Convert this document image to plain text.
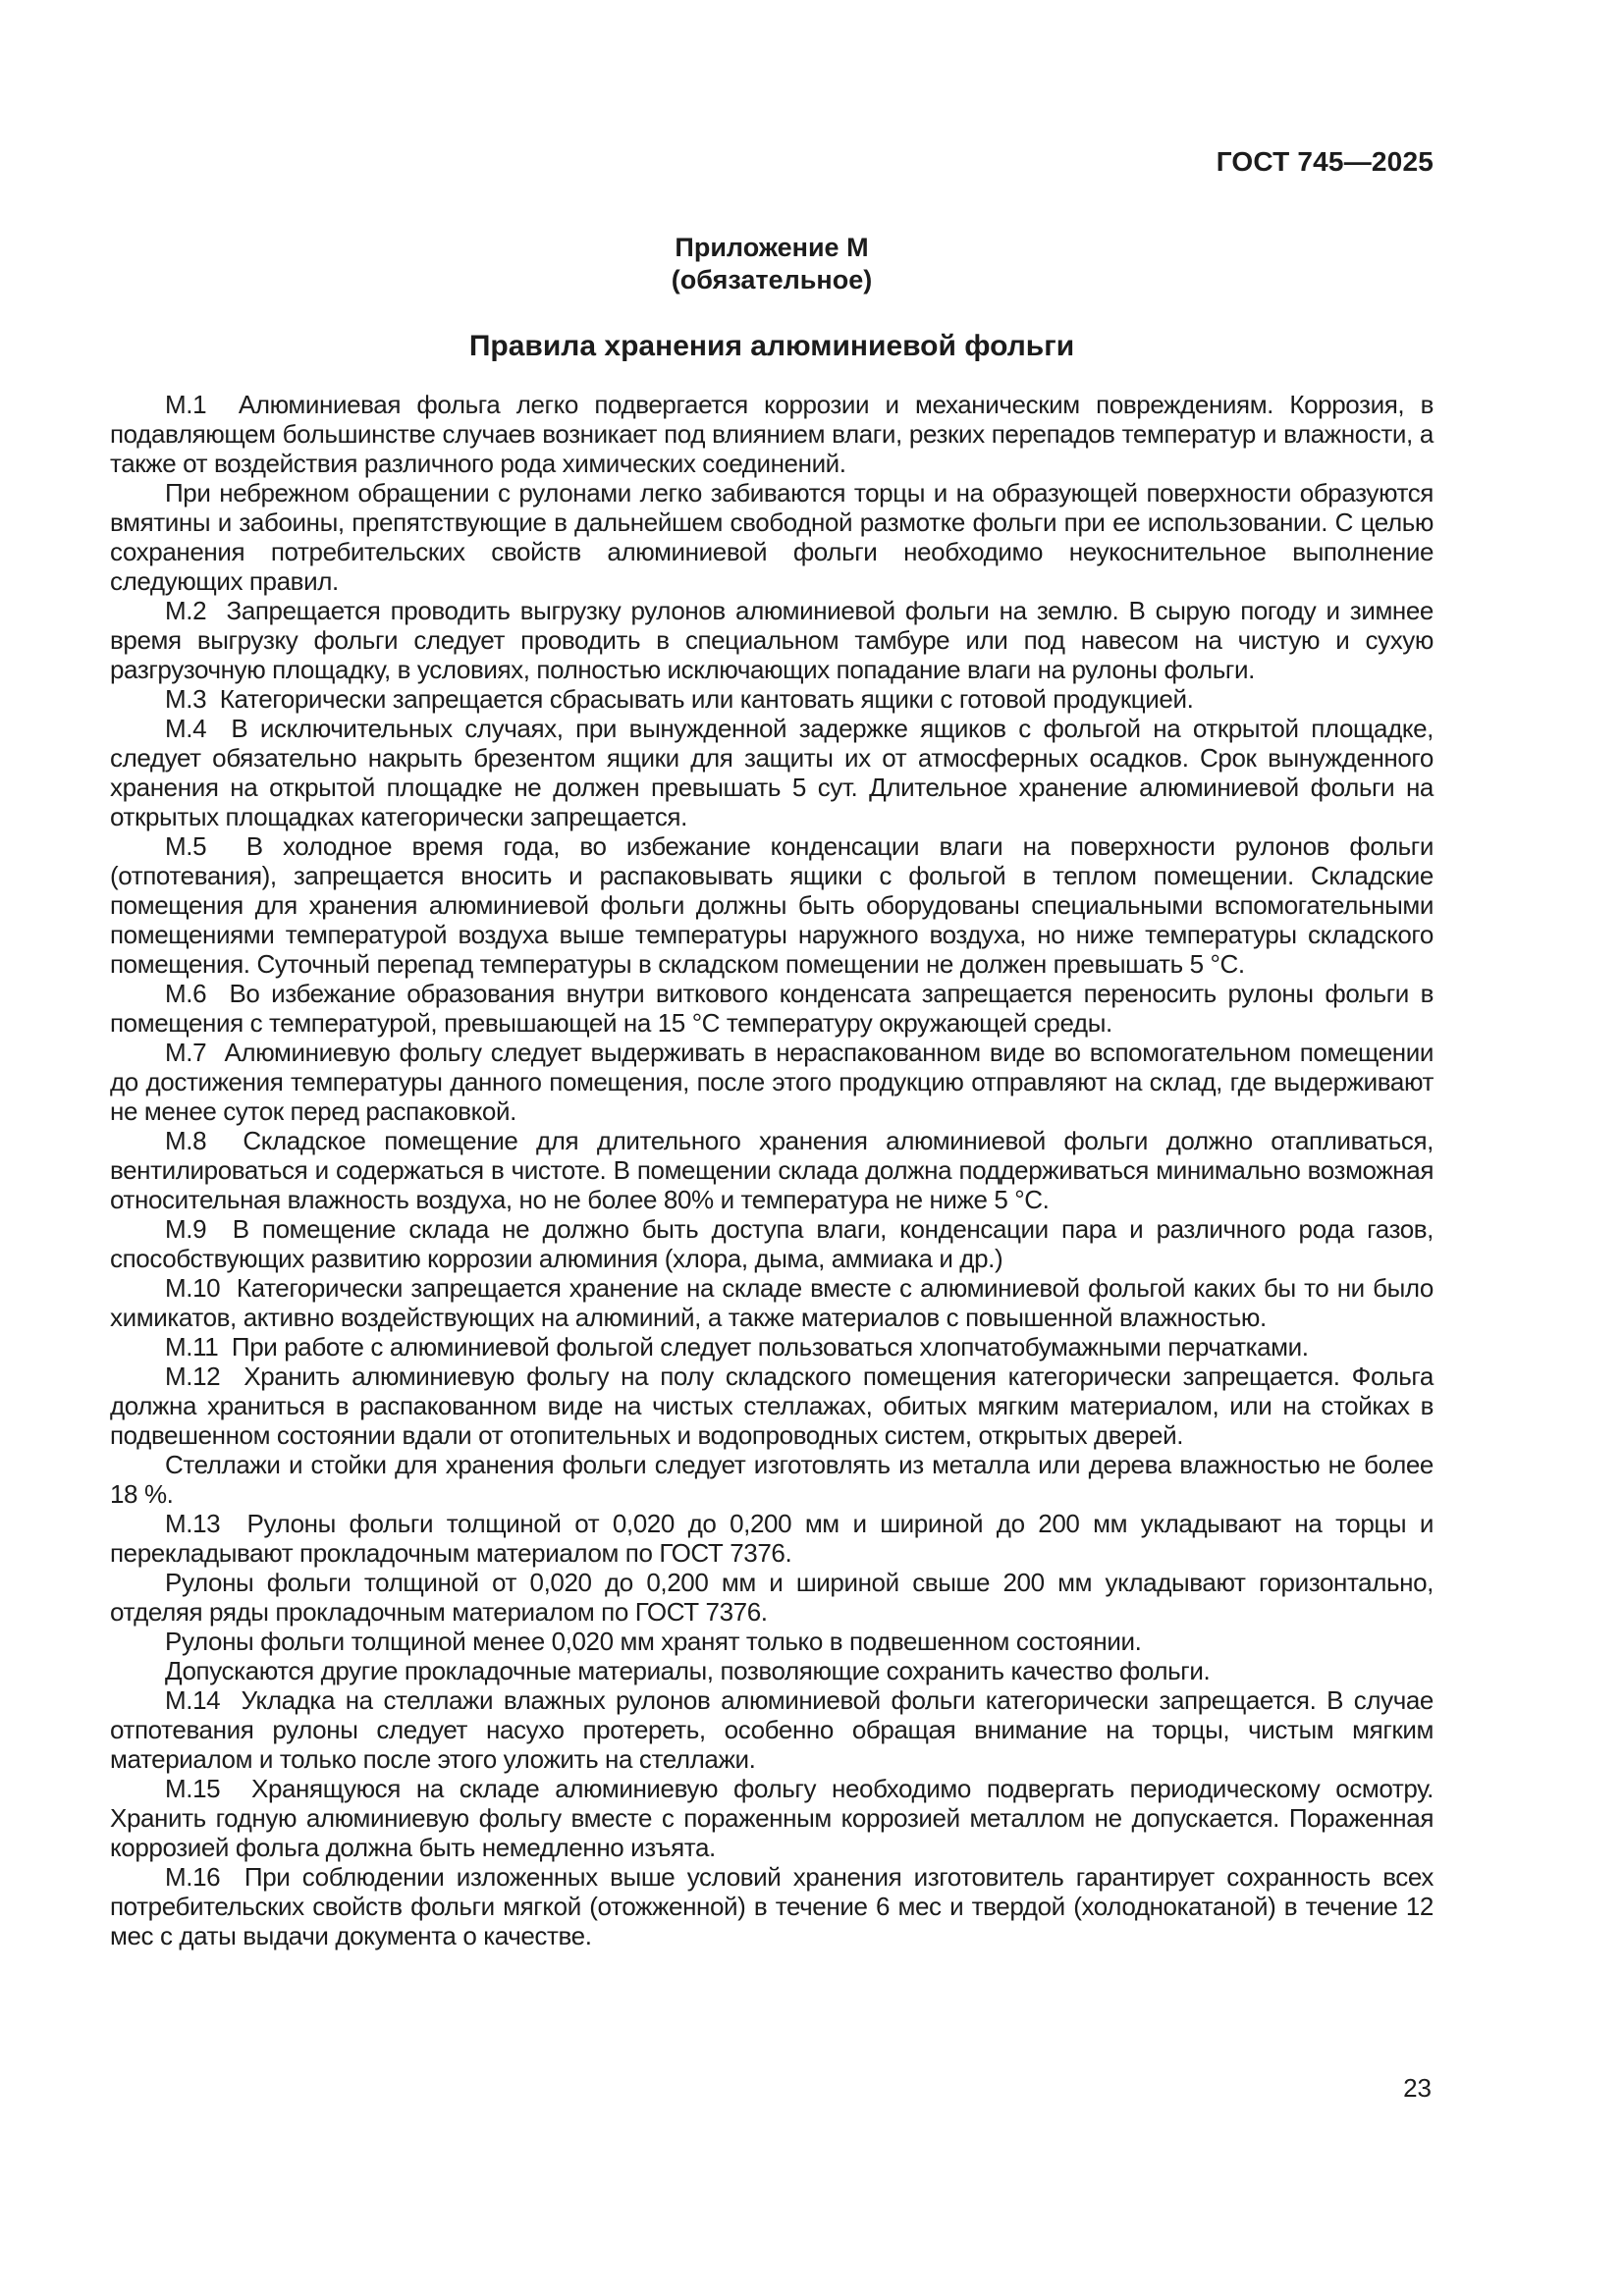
ГОСТ 745—2025
Приложение М
(обязательное)
Правила хранения алюминиевой фольги

М.1  Алюминиевая фольга легко подвергается коррозии и механическим повреждениям. Коррозия, в подавляющем большинстве случаев возникает под влиянием влаги, резких перепадов температур и влажности, а также от воздействия различного рода химических соединений.

При небрежном обращении с рулонами легко забиваются торцы и на образующей поверхности образуются вмятины и забоины, препятствующие в дальнейшем свободной размотке фольги при ее использовании. С целью сохранения потребительских свойств алюминиевой фольги необходимо неукоснительное выполнение следующих правил.

М.2  Запрещается проводить выгрузку рулонов алюминиевой фольги на землю. В сырую погоду и зимнее время выгрузку фольги следует проводить в специальном тамбуре или под навесом на чистую и сухую разгрузочную площадку, в условиях, полностью исключающих попадание влаги на рулоны фольги.

М.3  Категорически запрещается сбрасывать или кантовать ящики с готовой продукцией.

М.4  В исключительных случаях, при вынужденной задержке ящиков с фольгой на открытой площадке, следует обязательно накрыть брезентом ящики для защиты их от атмосферных осадков. Срок вынужденного хранения на открытой площадке не должен превышать 5 сут. Длительное хранение алюминиевой фольги на открытых площадках категорически запрещается.

М.5  В холодное время года, во избежание конденсации влаги на поверхности рулонов фольги (отпотевания), запрещается вносить и распаковывать ящики с фольгой в теплом помещении. Складские помещения для хранения алюминиевой фольги должны быть оборудованы специальными вспомогательными помещениями температурой воздуха выше температуры наружного воздуха, но ниже температуры складского помещения. Суточный перепад температуры в складском помещении не должен превышать 5 °С.

М.6  Во избежание образования внутри виткового конденсата запрещается переносить рулоны фольги в помещения с температурой, превышающей на 15 °С температуру окружающей среды.

М.7  Алюминиевую фольгу следует выдерживать в нераспакованном виде во вспомогательном помещении до достижения температуры данного помещения, после этого продукцию отправляют на склад, где выдерживают не менее суток перед распаковкой.

М.8  Складское помещение для длительного хранения алюминиевой фольги должно отапливаться, вентилироваться и содержаться в чистоте. В помещении склада должна поддерживаться минимально возможная относительная влажность воздуха, но не более 80% и температура не ниже 5 °С.

М.9  В помещение склада не должно быть доступа влаги, конденсации пара и различного рода газов, способствующих развитию коррозии алюминия (хлора, дыма, аммиака и др.)

М.10  Категорически запрещается хранение на складе вместе с алюминиевой фольгой каких бы то ни было химикатов, активно воздействующих на алюминий, а также материалов с повышенной влажностью.

М.11  При работе с алюминиевой фольгой следует пользоваться хлопчатобумажными перчатками.

М.12  Хранить алюминиевую фольгу на полу складского помещения категорически запрещается. Фольга должна храниться в распакованном виде на чистых стеллажах, обитых мягким материалом, или на стойках в подвешенном состоянии вдали от отопительных и водопроводных систем, открытых дверей.

Стеллажи и стойки для хранения фольги следует изготовлять из металла или дерева влажностью не более 18 %.

М.13  Рулоны фольги толщиной от 0,020 до 0,200 мм и шириной до 200 мм укладывают на торцы и перекладывают прокладочным материалом по ГОСТ 7376.

Рулоны фольги толщиной от 0,020 до 0,200 мм и шириной свыше 200 мм укладывают горизонтально, отделяя ряды прокладочным материалом по ГОСТ 7376.

Рулоны фольги толщиной менее 0,020 мм хранят только в подвешенном состоянии.

Допускаются другие прокладочные материалы, позволяющие сохранить качество фольги.

М.14  Укладка на стеллажи влажных рулонов алюминиевой фольги категорически запрещается. В случае отпотевания рулоны следует насухо протереть, особенно обращая внимание на торцы, чистым мягким материалом и только после этого уложить на стеллажи.

М.15  Хранящуюся на складе алюминиевую фольгу необходимо подвергать периодическому осмотру. Хранить годную алюминиевую фольгу вместе с пораженным коррозией металлом не допускается. Пораженная коррозией фольга должна быть немедленно изъята.

М.16  При соблюдении изложенных выше условий хранения изготовитель гарантирует сохранность всех потребительских свойств фольги мягкой (отожженной) в течение 6 мес и твердой (холоднокатаной) в течение 12 мес с даты выдачи документа о качестве.

23
